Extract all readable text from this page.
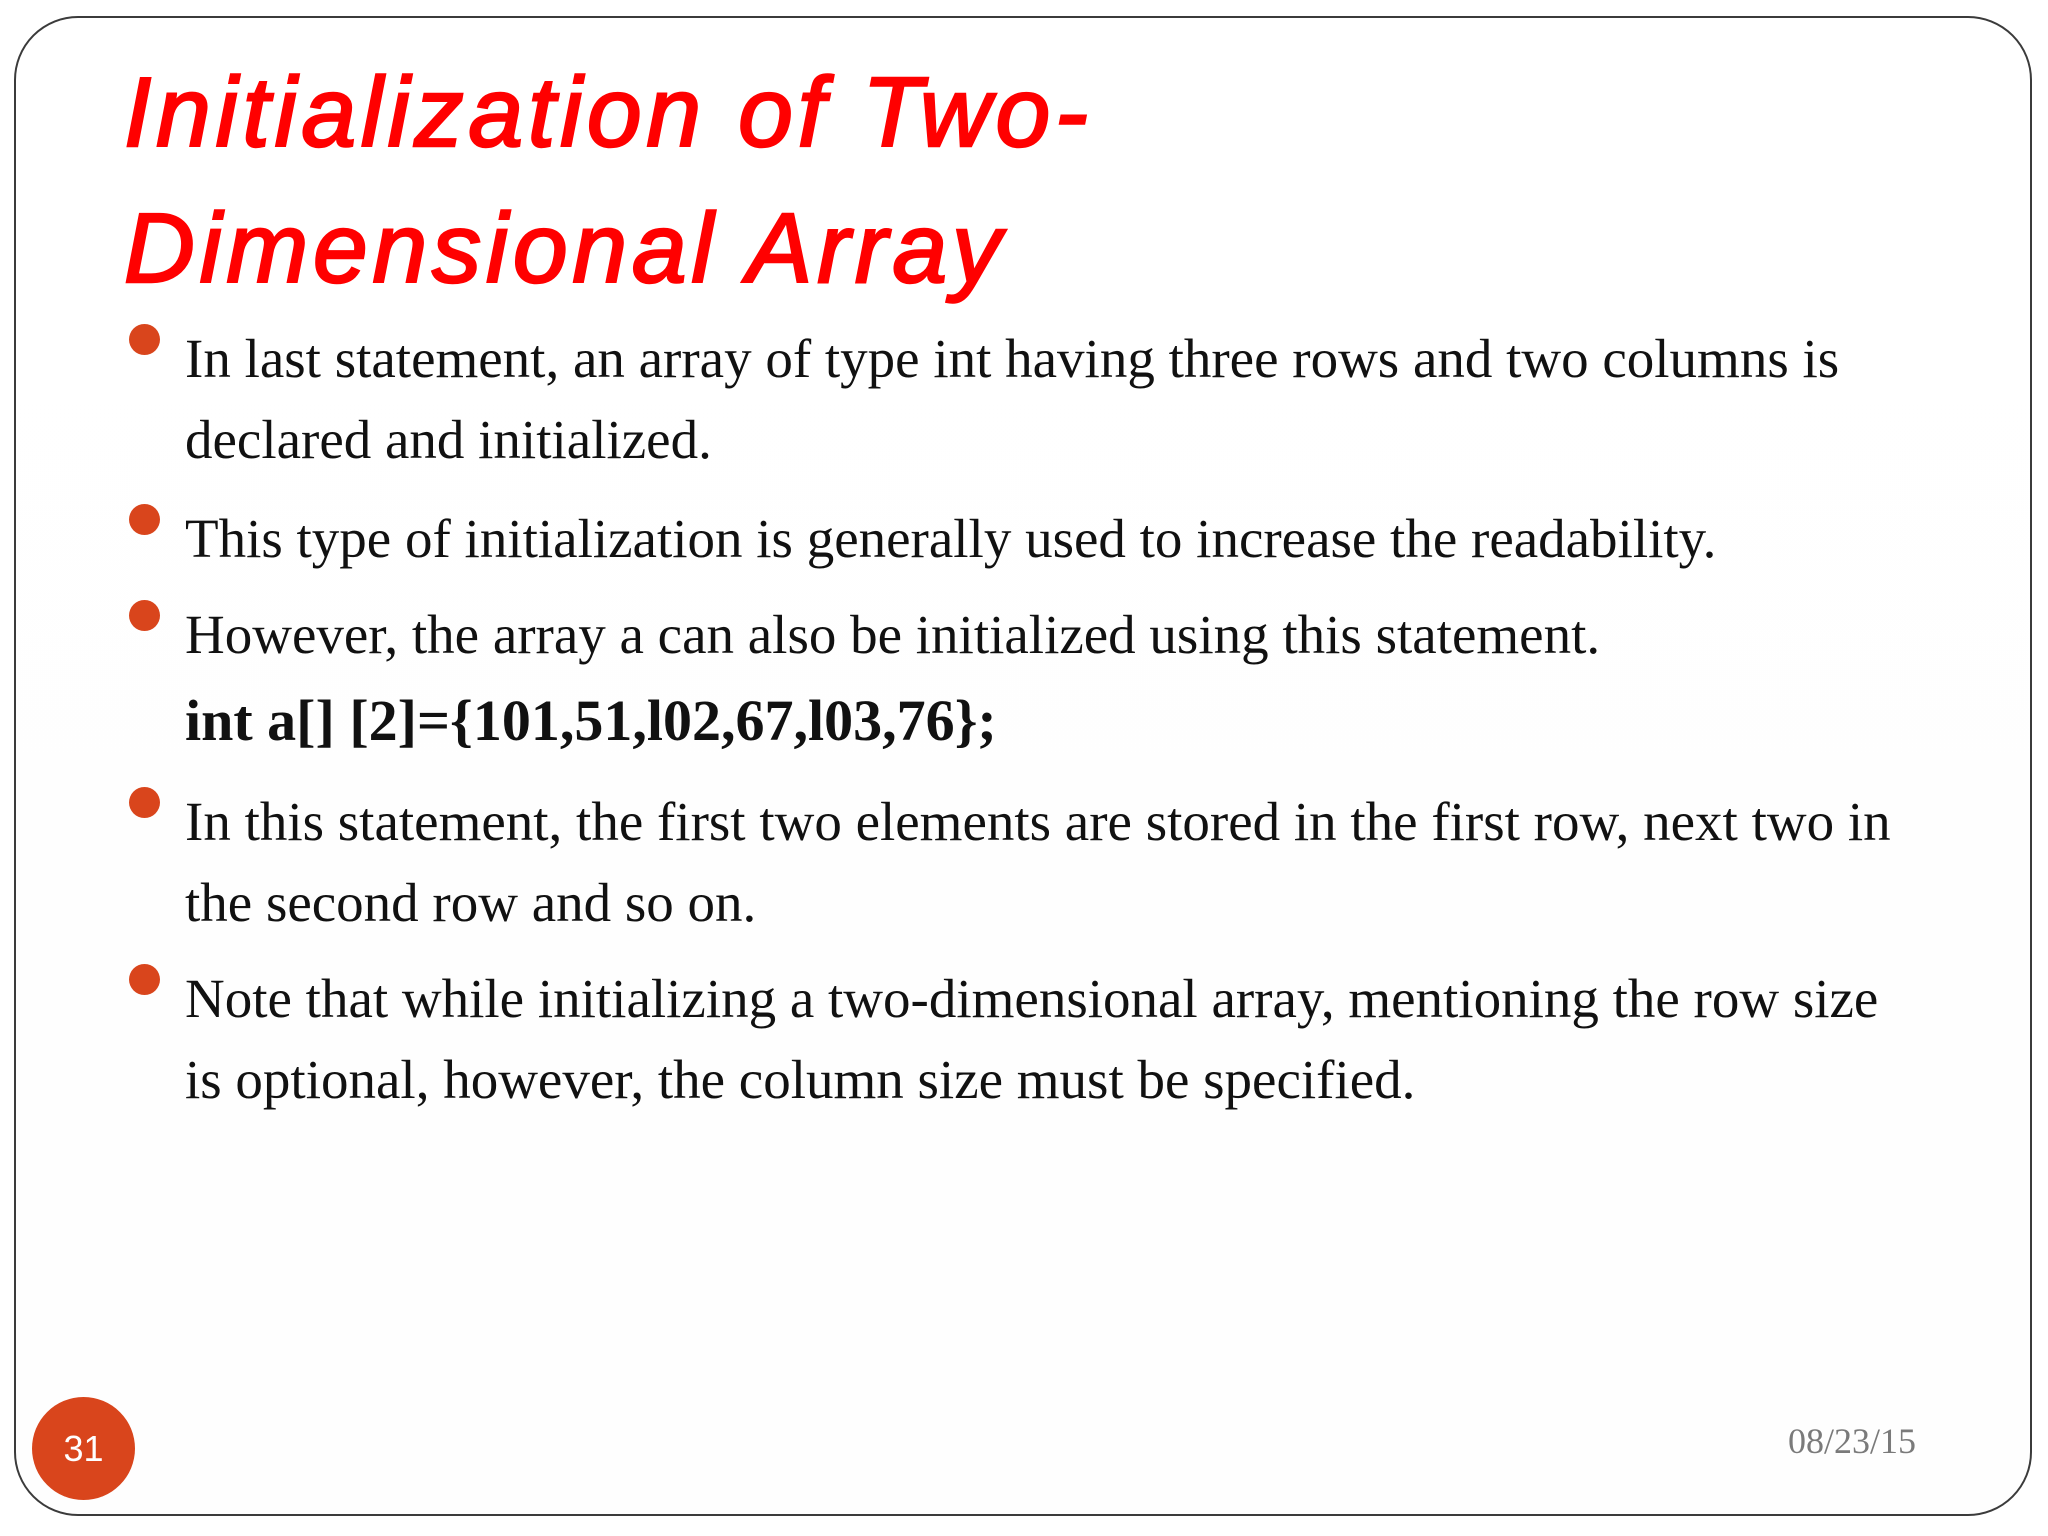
Initialization of Two-
Dimensional Array
In last statement, an array of type int having three rows and two columns is declared and initialized.
This type of initialization is generally used to increase the readability.
However, the array a can also be initialized using this statement.
int a[] [2]={101,51,l02,67,l03,76};
In this statement, the first two elements are stored in the first row, next two in the second row and so on.
Note that while initializing a two-dimensional array, mentioning the row size is optional, however, the column size must be specified.
31	08/23/15
